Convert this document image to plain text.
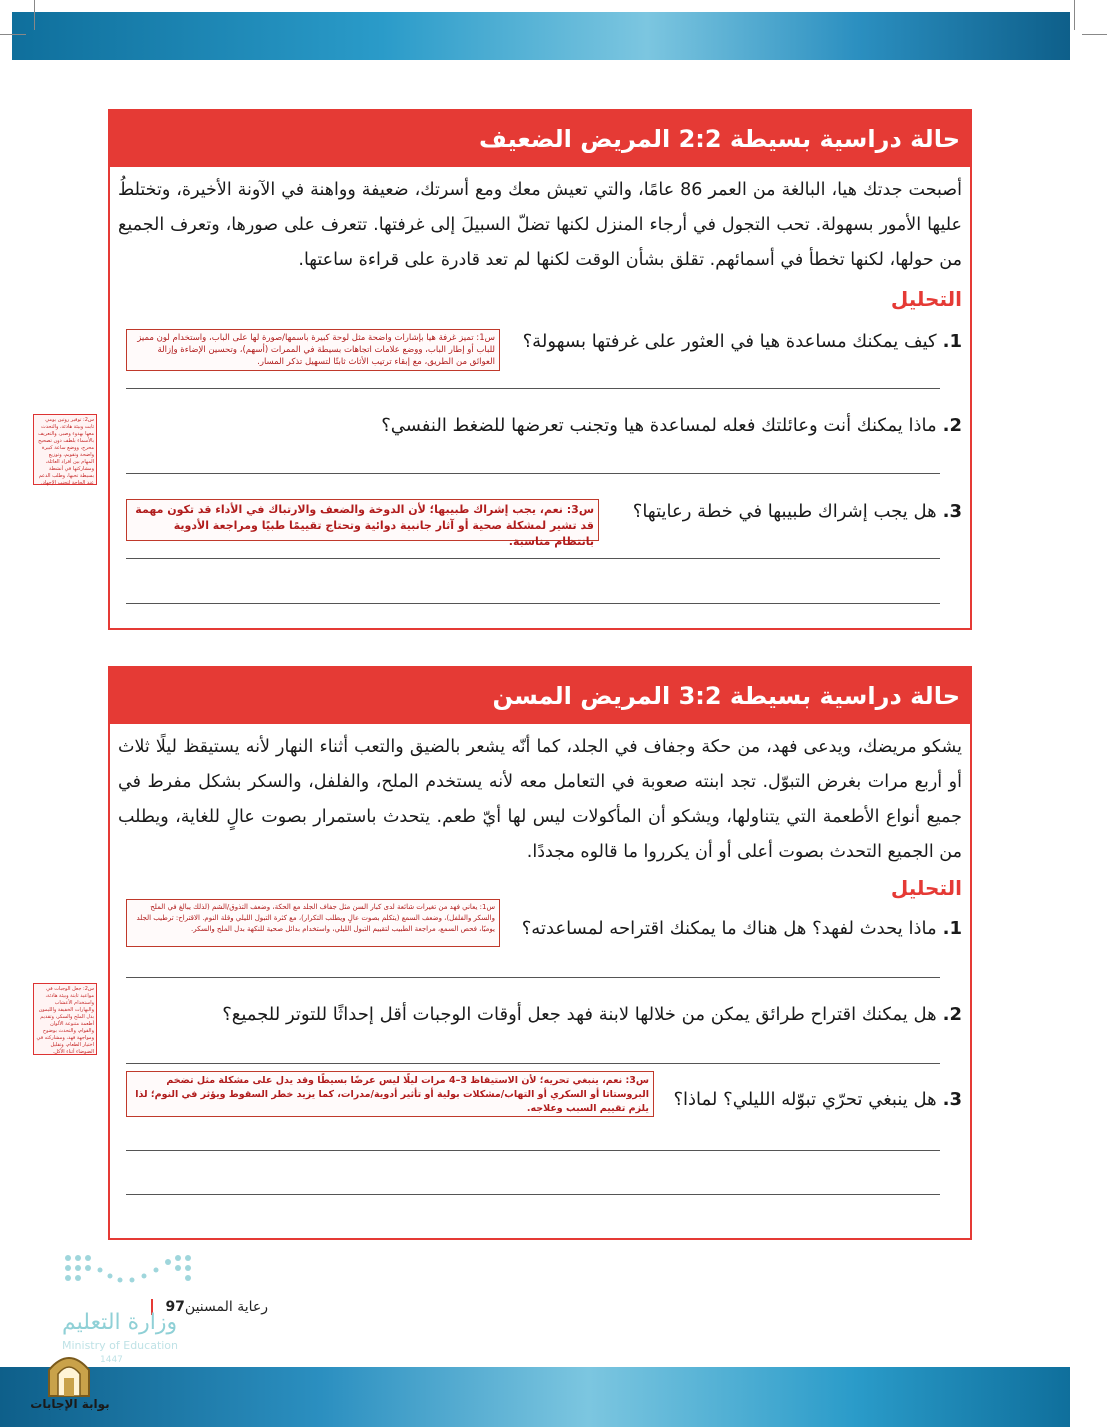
حالة دراسية بسيطة 2:2 المريض الضعيف
أصبحت جدتك هيا، البالغة من العمر 86 عامًا، والتي تعيش معك ومع أسرتك، ضعيفة وواهنة في الآونة الأخيرة، وتختلطُ عليها الأمور بسهولة. تحب التجول في أرجاء المنزل لكنها تضلّ السبيلَ إلى غرفتها. تتعرف على صورها، وتعرف الجميع من حولها، لكنها تخطأ في أسمائهم. تقلق بشأن الوقت لكنها لم تعد قادرة على قراءة ساعتها.
التحليل
1.كيف يمكنك مساعدة هيا في العثور على غرفتها بسهولة؟
س1: تميز غرفة هيا بإشارات واضحة مثل لوحة كبيرة باسمها/صورة لها على الباب، واستخدام لون مميز للباب أو إطار الباب، ووضع علامات اتجاهات بسيطة في الممرات (أسهم)، وتحسين الإضاءة وإزالة العوائق من الطريق، مع إبقاء ترتيب الأثاث ثابتًا لتسهيل تذكر المسار.
2.ماذا يمكنك أنت وعائلتك فعله لمساعدة هيا وتجنب تعرضها للضغط النفسي؟
3.هل يجب إشراك طبيبها في خطة رعايتها؟
س3: نعم، يجب إشراك طبيبها؛ لأن الدوخة والضعف والارتباك في الأداء قد تكون مهمة قد تشير لمشكلة صحية أو آثار جانبية دوائية وتحتاج تقييمًا طبيًا ومراجعة الأدوية بانتظام مناسبة.
س2: توفير روتين يومي ثابت وبيئة هادئة، والتحدث معها بهدوء وصبر، والتعريف بالأسماء بلطف دون تصحيح محرج، ووضع ساعة كبيرة واضحة وتقويم، وتوزيع المهام بين أفراد العائلة، ومشاركتها في أنشطة بسيطة تحبها، وطلب الدعم عند الحاجة لتجنب الإجهاد.
حالة دراسية بسيطة 3:2 المريض المسن
يشكو مريضك، ويدعى فهد، من حكة وجفاف في الجلد، كما أنّه يشعر بالضيق والتعب أثناء النهار لأنه يستيقظ ليلًا ثلاث أو أربع مرات بغرض التبوّل. تجد ابنته صعوبة في التعامل معه لأنه يستخدم الملح، والفلفل، والسكر بشكل مفرط في جميع أنواع الأطعمة التي يتناولها، ويشكو أن المأكولات ليس لها أيّ طعم. يتحدث باستمرار بصوت عالٍ للغاية، ويطلب من الجميع التحدث بصوت أعلى أو أن يكرروا ما قالوه مجددًا.
التحليل
1.ماذا يحدث لفهد؟ هل هناك ما يمكنك اقتراحه لمساعدته؟
س1: يعاني فهد من تغيرات شائعة لدى كبار السن مثل جفاف الجلد مع الحكة، وضعف التذوق/الشم (لذلك يبالغ في الملح والسكر والفلفل)، وضعف السمع (يتكلم بصوت عالٍ ويطلب التكرار)، مع كثرة التبول الليلي وقلة النوم. الاقتراح: ترطيب الجلد يوميًا، فحص السمع، مراجعة الطبيب لتقييم التبول الليلي، واستخدام بدائل صحية للنكهة بدل الملح والسكر.
2.هل يمكنك اقتراح طرائق يمكن من خلالها لابنة فهد جعل أوقات الوجبات أقل إحداثًا للتوتر للجميع؟
3.هل ينبغي تحرّي تبوّله الليلي؟ لماذا؟
س3: نعم، ينبغي تحريه؛ لأن الاستيقاظ 3–4 مرات ليلًا ليس عرضًا بسيطًا وقد يدل على مشكلة مثل تضخم البروستاتا أو السكري أو التهاب/مشكلات بولية أو تأثير أدوية/مدرات، كما يزيد خطر السقوط ويؤثر في النوم؛ لذا يلزم تقييم السبب وعلاجه.
س2: جعل الوجبات في مواعيد ثابتة وبيئة هادئة، واستخدام الأعشاب والبهارات الخفيفة والليمون بدل الملح والسكر، وتقديم أطعمة متنوعة الألوان والقوام، والتحدث بوضوح ومواجهة فهد، ومشاركته في اختيار الطعام، وتقليل الضوضاء أثناء الأكل.
رعاية المسنين97
وزارة التعليم
Ministry of Education
1447
بوابة الإجابات
